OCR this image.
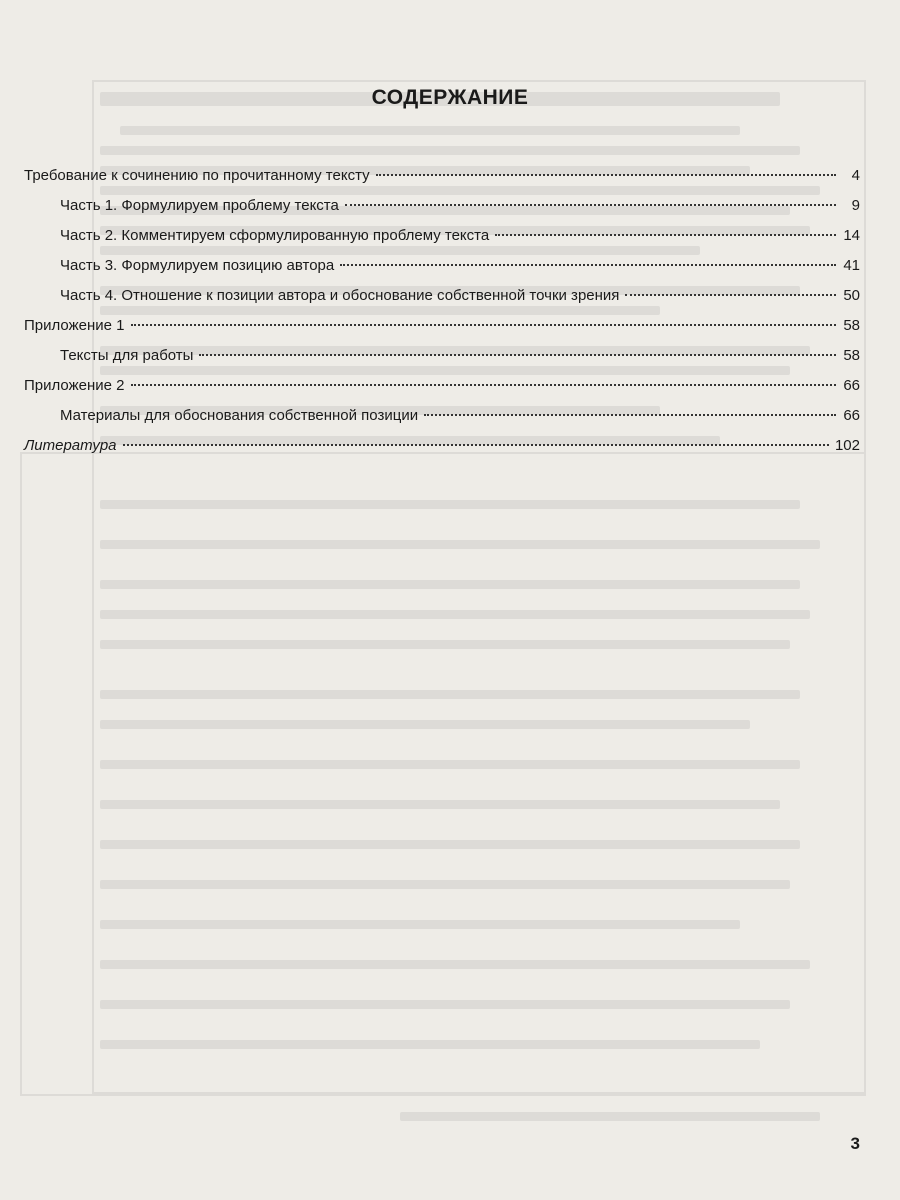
СОДЕРЖАНИЕ
Требование к сочинению по прочитанному тексту	4
Часть 1. Формулируем проблему текста	9
Часть 2. Комментируем сформулированную проблему текста	14
Часть 3. Формулируем позицию автора	41
Часть 4. Отношение к позиции автора и обоснование собственной точки зрения	50
Приложение 1	58
Тексты для работы	58
Приложение 2	66
Материалы для обоснования собственной позиции	66
Литература	102
3
